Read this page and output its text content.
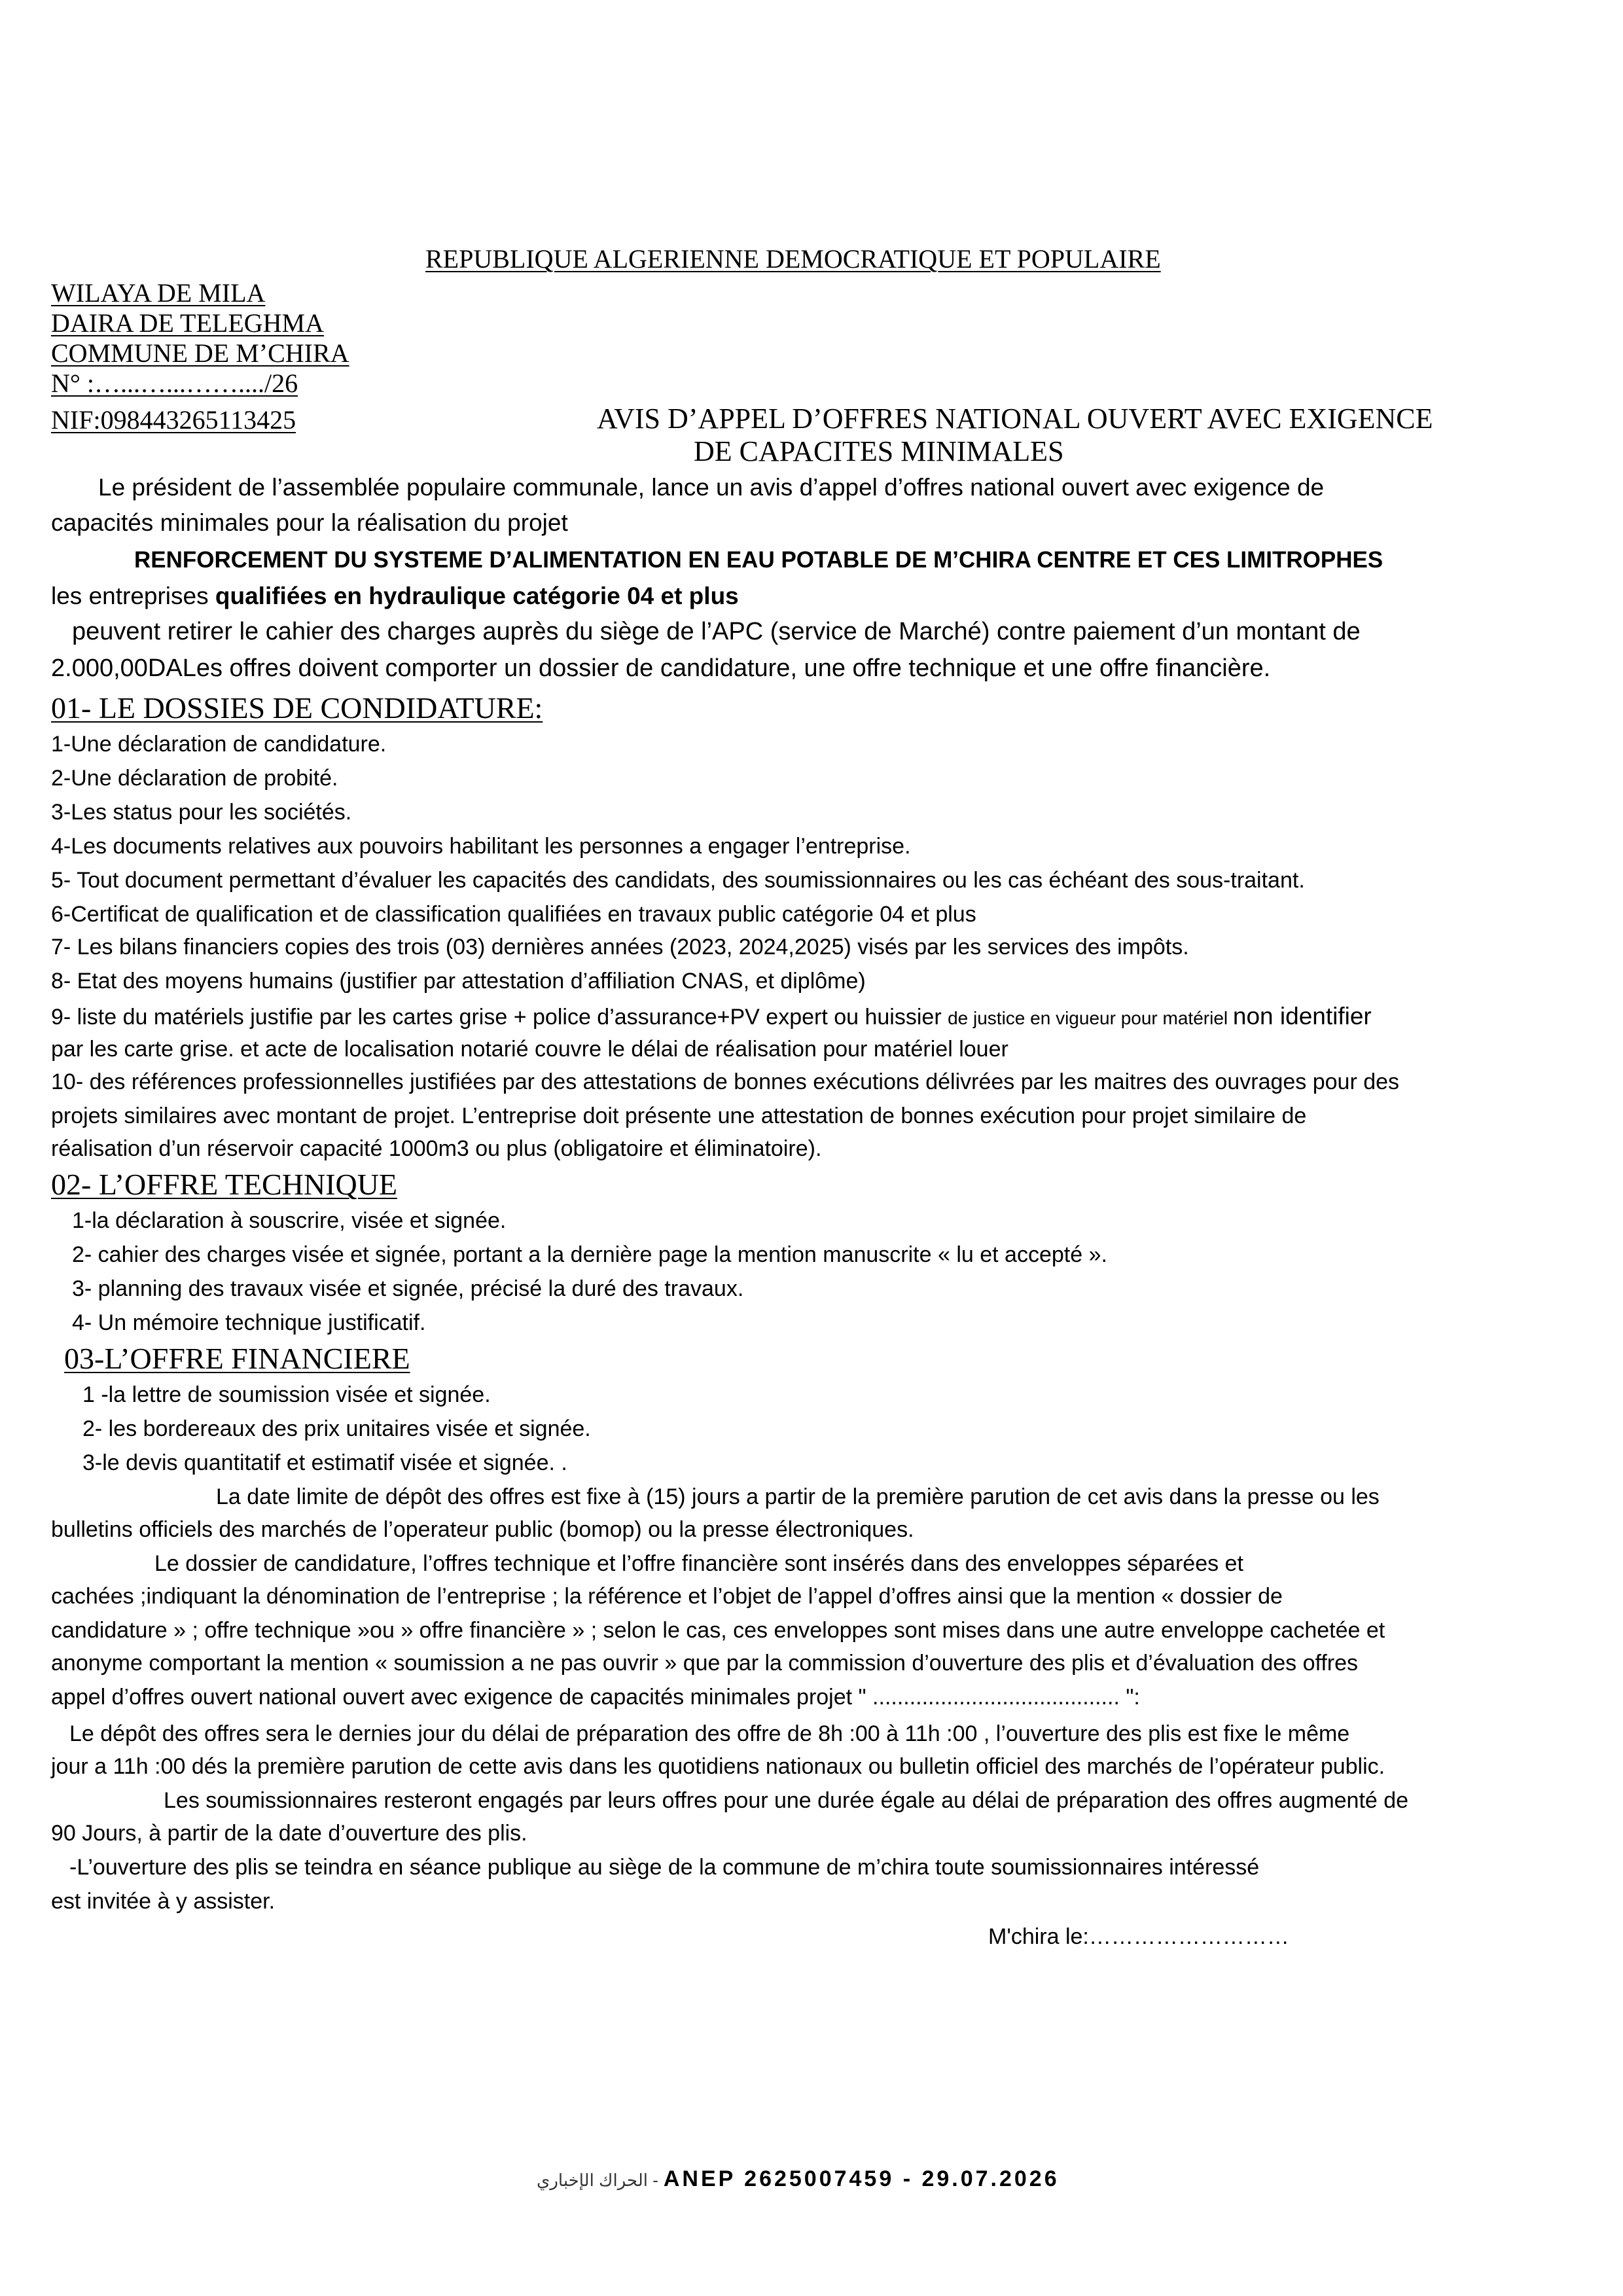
REPUBLIQUE ALGERIENNE DEMOCRATIQUE ET POPULAIRE
WILAYA DE MILA
DAIRA DE TELEGHMA
COMMUNE DE M’CHIRA
N° :…...…...……..../26
NIF:098443265113425	AVIS D’APPEL D’OFFRES NATIONAL OUVERT AVEC EXIGENCE
DE CAPACITES MINIMALES
Le président de l’assemblée populaire communale, lance un avis d’appel d’offres national ouvert avec exigence de
capacités minimales pour la réalisation du projet
RENFORCEMENT DU SYSTEME D’ALIMENTATION EN EAU POTABLE DE M’CHIRA CENTRE ET CES LIMITROPHES
les entreprises qualifiées en hydraulique catégorie 04 et plus
peuvent retirer le cahier des charges auprès du siège de l’APC (service de Marché) contre paiement d’un montant de
2.000,00DALes offres doivent comporter un dossier de candidature, une offre technique et une offre financière.
01- LE DOSSIES DE CONDIDATURE:
1-Une déclaration de candidature.
2-Une déclaration de probité.
3-Les status pour les sociétés.
4-Les documents relatives aux pouvoirs habilitant les personnes a engager l’entreprise.
5- Tout document permettant d’évaluer les capacités des candidats, des soumissionnaires ou les cas échéant des sous-traitant.
6-Certificat de qualification et de classification qualifiées en travaux public catégorie 04 et plus
7- Les bilans financiers copies des trois (03) dernières années (2023, 2024,2025) visés par les services des impôts.
8- Etat des moyens humains (justifier par attestation d’affiliation CNAS, et diplôme)
9- liste du matériels justifie par les cartes grise + police d’assurance+PV expert ou huissier de justice en vigueur pour matériel non identifier
par les carte grise. et acte de localisation notarié couvre le délai de réalisation pour matériel louer
10- des références professionnelles justifiées par des attestations de bonnes exécutions délivrées par les maitres des ouvrages pour des
projets similaires avec montant de projet. L’entreprise doit présente une attestation de bonnes exécution pour projet similaire de
réalisation d’un réservoir capacité 1000m3 ou plus (obligatoire et éliminatoire).
02- L’OFFRE TECHNIQUE
1-la déclaration à souscrire, visée et signée.
2- cahier des charges visée et signée, portant a la dernière page la mention manuscrite « lu et accepté ».
3- planning des travaux visée et signée, précisé la duré des travaux.
4- Un mémoire technique justificatif.
03-L’OFFRE FINANCIERE
1 -la lettre de soumission visée et signée.
2- les bordereaux des prix unitaires visée et signée.
3-le devis quantitatif et estimatif visée et signée. .
La date limite de dépôt des offres est fixe à (15) jours a partir de la première parution de cet avis dans la presse ou les
bulletins officiels des marchés de l’operateur public (bomop) ou la presse électroniques.
Le dossier de candidature, l’offres technique et l’offre financière sont insérés dans des enveloppes séparées et
cachées ;indiquant la dénomination de l’entreprise ; la référence et l’objet de l’appel d’offres ainsi que la mention « dossier de
candidature » ; offre technique »ou » offre financière » ; selon le cas, ces enveloppes sont mises dans une autre enveloppe cachetée et
anonyme comportant la mention « soumission a ne pas ouvrir » que par la commission d’ouverture des plis et d’évaluation des offres
appel d’offres ouvert national ouvert avec exigence de capacités minimales projet " ........................................ ":
Le dépôt des offres sera le dernies jour du délai de préparation des offre de 8h :00 à 11h :00 , l’ouverture des plis est fixe le même
jour a 11h :00 dés la première parution de cette avis dans les quotidiens nationaux ou bulletin officiel des marchés de l’opérateur public.
Les soumissionnaires resteront engagés par leurs offres pour une durée égale au délai de préparation des offres augmenté de
90 Jours, à partir de la date d’ouverture des plis.
-L’ouverture des plis se teindra en séance publique au siège de la commune de m’chira toute soumissionnaires intéressé
est invitée à y assister.
M'chira le:………………………
الحراك الإخباري - ANEP 2625007459 - 29.07.2026
